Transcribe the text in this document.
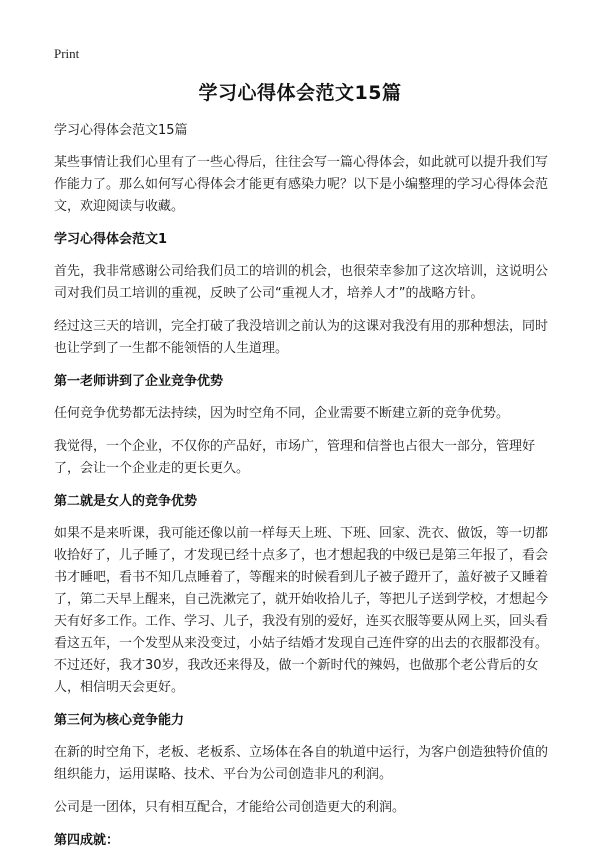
Print
学习心得体会范文15篇

学习心得体会范文15篇

某些事情让我们心里有了一些心得后，往往会写一篇心得体会，如此就可以提升我们写作能力了。那么如何写心得体会才能更有感染力呢？以下是小编整理的学习心得体会范文，欢迎阅读与收藏。

学习心得体会范文1

首先，我非常感谢公司给我们员工的培训的机会，也很荣幸参加了这次培训，这说明公司对我们员工培训的重视，反映了公司“重视人才，培养人才”的战略方针。

经过这三天的培训，完全打破了我没培训之前认为的这课对我没有用的那种想法，同时也让学到了一生都不能领悟的人生道理。

第一老师讲到了企业竞争优势

任何竞争优势都无法持续，因为时空角不同，企业需要不断建立新的竞争优势。

我觉得，一个企业，不仅你的产品好，市场广，管理和信誉也占很大一部分，管理好了，会让一个企业走的更长更久。

第二就是女人的竞争优势

如果不是来听课，我可能还像以前一样每天上班、下班、回家、洗衣、做饭，等一切都收拾好了，儿子睡了，才发现已经十点多了，也才想起我的中级已是第三年报了，看会书才睡吧，看书不知几点睡着了，等醒来的时候看到儿子被子蹬开了，盖好被子又睡着了，第二天早上醒来，自己洗漱完了，就开始收拾儿子，等把儿子送到学校，才想起今天有好多工作。工作、学习、儿子，我没有别的爱好，连买衣服等要从网上买，回头看看这五年，一个发型从来没变过，小姑子结婚才发现自己连件穿的出去的衣服都没有。不过还好，我才30岁，我改还来得及，做一个新时代的辣妈，也做那个老公背后的女人，相信明天会更好。

第三何为核心竞争能力

在新的时空角下，老板、老板系、立场体在各自的轨道中运行，为客户创造独特价值的组织能力，运用谋略、技术、平台为公司创造非凡的利润。

公司是一团体，只有相互配合，才能给公司创造更大的利润。

第四成就：
